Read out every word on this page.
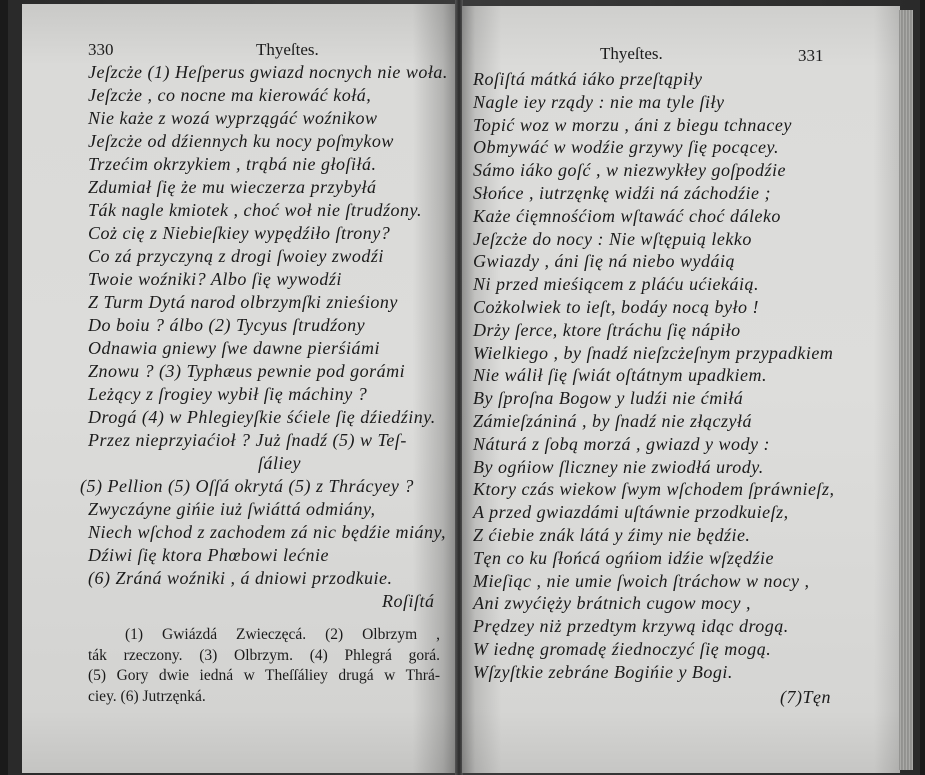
330	Thyeſtes.
Jeſzcże (1) Heſperus gwiazd nocnych nie woła.
Jeſzcże , co nocne ma kierowáć kołá,
Nie każe z wozá wyprzągáć woźnikow
Jeſzcże od dźiennych ku nocy poſmykow
Trzećim okrzykiem , trąbá nie głoſiłá.
Zdumiał ſię że mu wieczerza przybyłá
Ták nagle kmiotek , choć woł nie ſtrudźony.
Coż cię z Niebieſkiey wypędźiło ſtrony?
Co zá przyczyną z drogi ſwoiey zwodźi
Twoie woźniki? Albo ſię wywodźi
Z Turm Dytá narod olbrzymſki znieśiony
Do boiu ? álbo (2) Tycyus ſtrudźony
Odnawia gniewy ſwe dawne pierśiámi
Znowu ? (3) Typhæus pewnie pod gorámi
Leżący z ſrogiey wybił ſię máchiny ?
Drogá (4) w Phlegieyſkie śćiele ſię dźiedźiny.
Przez nieprzyiaćioł ? Już ſnadź (5) w Teſ-
ſáliey
(5) Pellion (5) Oſſá okrytá (5) z Thrácyey ?
Zwyczáyne gińie iuż ſwiáttá odmiány,
Niech wſchod z zachodem zá nic będźie miány,
Dźiwi ſię ktora Phœbowi lećnie
(6) Zráná woźniki , á dniowi przodkuie.
Roſiſtá
(1) Gwiázdá Zwieczęcá. (2) Olbrzym ,
ták rzeczony. (3) Olbrzym. (4) Phlegrá gorá.
(5) Gory dwie iedná w Theſſáliey drugá w Thrá-
ciey. (6) Jutrzęnká.
Thyeſtes.	331
Roſiſtá mátká iáko przeſtąpiły
Nagle iey rządy : nie ma tyle ſiły
Topić woz w morzu , áni z biegu tchnacey
Obmywáć w wodźie grzywy ſię pocącey.
Sámo iáko goſć , w niezwykłey goſpodźie
Słońce , iutrzęnkę widźi ná záchodźie ;
Każe ćięmnośćiom wſtawáć choć dáleko
Jeſzcże do nocy : Nie wſtępuią lekko
Gwiazdy , áni ſię ná niebo wydáią
Ni przed mieśiącem z pláću ućiekáią.
Cożkolwiek to ieſt, bodáy nocą było !
Drży ſerce, ktore ſtráchu ſię nápiło
Wielkiego , by ſnadź nieſzcżeſnym przypadkiem
Nie wálił ſię ſwiát oſtátnym upadkiem.
By ſproſna Bogow y ludźi nie ćmiłá
Zámieſzániná , by ſnadź nie złączyłá
Náturá z ſobą morzá , gwiazd y wody :
By ogńiow ſliczney nie zwiodłá urody.
Ktory czás wiekow ſwym wſchodem ſpráwnieſz,
A przed gwiazdámi uſtáwnie przodkuieſz,
Z ćiebie znák látá y źimy nie będźie.
Tęn co ku ſłońcá ogńiom idźie wſzędźie
Mieſiąc , nie umie ſwoich ſtráchow w nocy ,
Ani zwyćięży brátnich cugow mocy ,
Prędzey niż przedtym krzywą idąc drogą.
W iednę gromadę źiednoczyć ſię mogą.
Wſzyſtkie zebráne Bogińie y Bogi.
(7)Tęn
